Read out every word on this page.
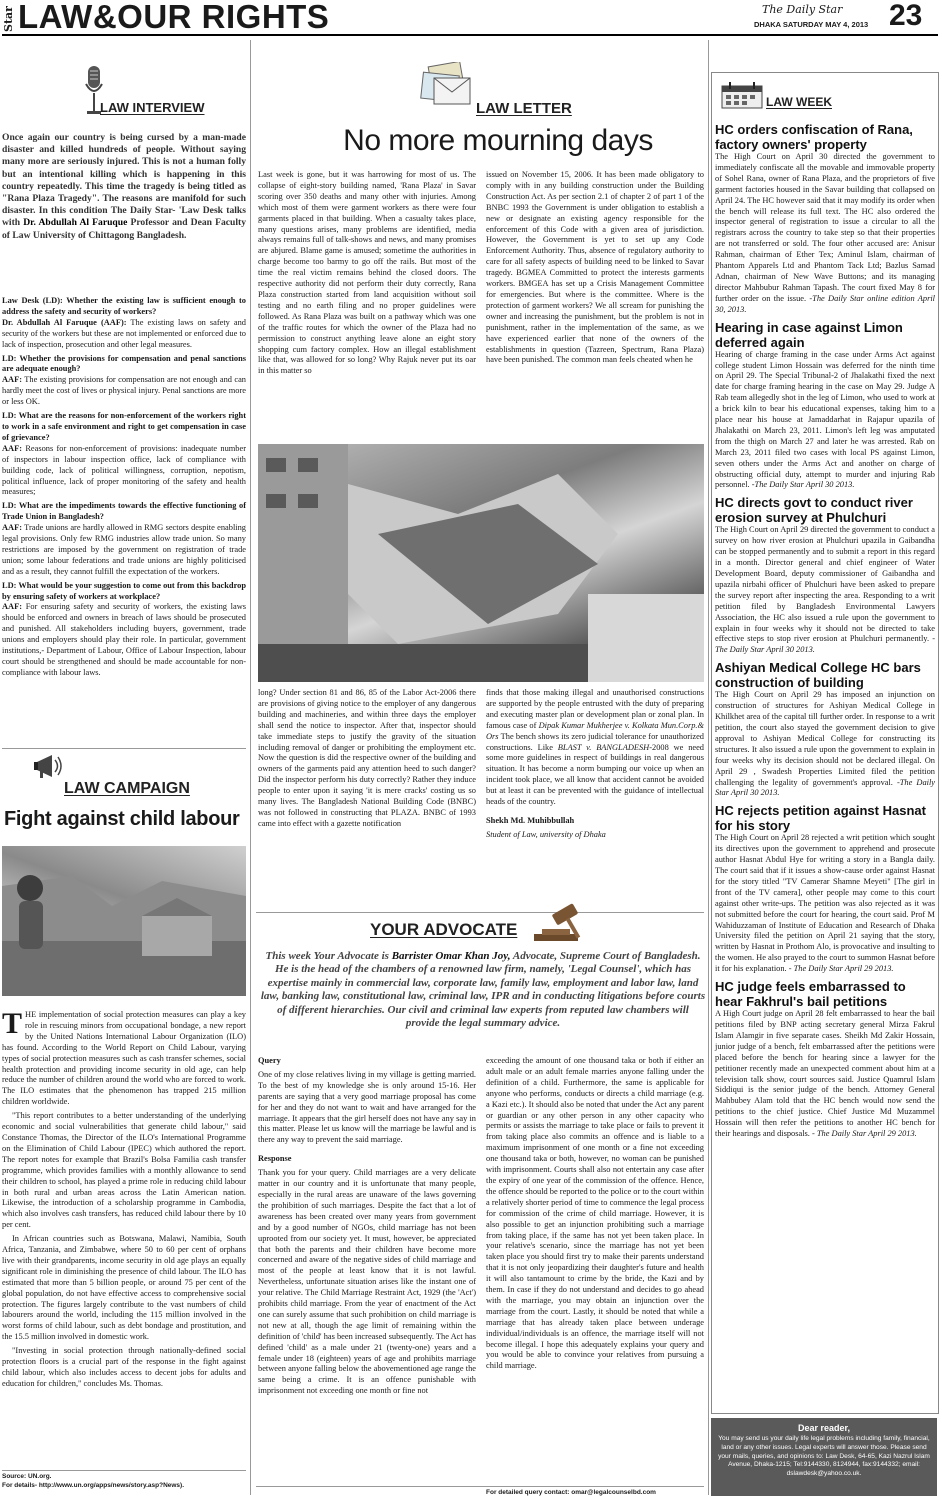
Star LAW&OUR RIGHTS	The Daily Star
DHAKA SATURDAY MAY 4, 2013 23
LAW INTERVIEW
Once again our country is being cursed by a man-made disaster and killed hundreds of people. Without saying many more are seriously injured. This is not a human folly but an intentional killing which is happening in this country repeatedly. This time the tragedy is being titled as "Rana Plaza Tragedy". The reasons are manifold for such disaster. In this condition The Daily Star- 'Law Desk talks with Dr. Abdullah Al Faruque Professor and Dean Faculty of Law University of Chittagong Bangladesh.

Law Desk (LD): Whether the existing law is sufficient enough to address the safety and security of workers?
Dr. Abdullah Al Faruque (AAF): The existing laws on safety and security of the workers but these are not implemented or enforced due to lack of inspection, prosecution and other legal measures.

LD: Whether the provisions for compensation and penal sanctions are adequate enough?
AAF: The existing provisions for compensation are not enough and can hardly meet the cost of lives or physical injury. Penal sanctions are more or less OK.

LD: What are the reasons for non-enforcement of the workers right to work in a safe environment and right to get compensation in case of grievance?
AAF: Reasons for non-enforcement of provisions: inadequate number of inspectors in labour inspection office, lack of compliance with building code, lack of political willingness, corruption, nepotism, political influence, lack of proper monitoring of the safety and health measures;

LD: What are the impediments towards the effective functioning of Trade Union in Bangladesh?
AAF: Trade unions are hardly allowed in RMG sectors despite enabling legal provisions. Only few RMG industries allow trade union. So many restrictions are imposed by the government on registration of trade union; some labour federations and trade unions are highly politicised and as a result, they cannot fulfill the expectation of the workers.

LD: What would be your suggestion to come out from this backdrop by ensuring safety of workers at workplace?
AAF: For ensuring safety and security of workers, the existing laws should be enforced and owners in breach of laws should be prosecuted and punished. All stakeholders including buyers, government, trade unions and employers should play their role. In particular, government institutions,- Department of Labour, Office of Labour Inspection, labour court should be strengthened and should be made accountable for non-compliance with labour laws.

LAW CAMPAIGN
Fight against child labour

THE implementation of social protection measures can play a key role in rescuing minors from occupational bondage, a new report by the United Nations International Labour Organization (ILO) has found. According to the World Report on Child Labour, varying types of social protection measures such as cash transfer schemes, social health protection and providing income security in old age, can help reduce the number of children around the world who are forced to work. The ILO estimates that the phenomenon has trapped 215 million children worldwide.

"This report contributes to a better understanding of the underlying economic and social vulnerabilities that generate child labour," said Constance Thomas, the Director of the ILO's International Programme on the Elimination of Child Labour (IPEC) which authored the report. The report notes for example that Brazil's Bolsa Familia cash transfer programme, which provides families with a monthly allowance to send their children to school, has played a prime role in reducing child labour in both rural and urban areas across the Latin American nation. Likewise, the introduction of a scholarship programme in Cambodia, which also involves cash transfers, has reduced child labour there by 10 per cent.

In African countries such as Botswana, Malawi, Namibia, South Africa, Tanzania, and Zimbabwe, where 50 to 60 per cent of orphans live with their grandparents, income security in old age plays an equally significant role in diminishing the presence of child labour. The ILO has estimated that more than 5 billion people, or around 75 per cent of the global population, do not have effective access to comprehensive social protection. The figures largely contribute to the vast numbers of child labourers around the world, including the 115 million involved in the worst forms of child labour, such as debt bondage and prostitution, and the 15.5 million involved in domestic work.

"Investing in social protection through nationally-defined social protection floors is a crucial part of the response in the fight against child labour, which also includes access to decent jobs for adults and education for children," concludes Ms. Thomas.

Source: UN.org.
For details- http://www.un.org/apps/news/story.asp?News).
LAW LETTER
No more mourning days
Last week is gone, but it was harrowing for most of us. The collapse of eight-story building named, 'Rana Plaza' in Savar scoring over 350 deaths and many other with injuries. Among which most of them were garment workers as there were four garments placed in that building. When a casualty takes place, many questions arises, many problems are identified, media always remains full of talk-shows and news, and many promises are abjured. Blame game is amused; sometime the authorities in charge become too barmy to go off the rails. But most of the time the real victim remains behind the closed doors. The respective authority did not perform their duty correctly, Rana Plaza construction started from land acquisition without soil testing and no earth filing and no proper guidelines were followed. As Rana Plaza was built on a pathway which was one of the traffic routes for which the owner of the Plaza had no permission to construct anything leave alone an eight story shopping cum factory complex. How an illegal establishment like that, was allowed for so long? Why Rajuk never put its oar in this matter so
issued on November 15, 2006. It has been made obligatory to comply with in any building construction under the Building Construction Act. As per section 2.1 of chapter 2 of part 1 of the BNBC 1993 the Government is under obligation to establish a new or designate an existing agency responsible for the enforcement of this Code with a given area of jurisdiction. However, the Government is yet to set up any Code Enforcement Authority. Thus, absence of regulatory authority to care for all safety aspects of building need to be linked to Savar tragedy. BGMEA Committed to protect the interests garments workers. BMGEA has set up a Crisis Management Committee for emergencies. But where is the committee. Where is the protection of garment workers? We all scream for punishing the owner and increasing the punishment, but the problem is not in punishment, rather in the implementation of the same, as we have experienced earlier that none of the owners of the establishments in question (Tazreen, Spectrum, Rana Plaza) have been punished. The common man feels cheated when he
long? Under section 81 and 86, 85 of the Labor Act-2006 there are provisions of giving notice to the employer of any dangerous building and machineries, and within three days the employer shall send the notice to inspector. After that, inspector should take immediate steps to justify the gravity of the situation including removal of danger or prohibiting the employment etc. Now the question is did the respective owner of the building and owners of the garments paid any attention heed to such danger? Did the inspector perform his duty correctly? Rather they induce people to enter upon it saying 'it is mere cracks' costing us so many lives. The Bangladesh National Building Code (BNBC) was not followed in constructing that PLAZA. BNBC of 1993 came into effect with a gazette notification

finds that those making illegal and unauthorised constructions are supported by the people entrusted with the duty of preparing and executing master plan or development plan or zonal plan. In famous case of Dipak Kumar Mukherjee v. Kolkata Mun.Corp.& Ors The bench shows its zero judicial tolerance for unauthorized constructions. Like BLAST v. BANGLADESH-2008 we need some more guidelines in respect of buildings in real dangerous situation. It has become a norm bumping our voice up when an incident took place, we all know that accident cannot be avoided but at least it can be prevented with the guidance of intellectual heads of the country.

Shekh Md. Muhibbullah

Student of Law, university of Dhaka

YOUR ADVOCATE
This week Your Advocate is Barrister Omar Khan Joy, Advocate, Supreme Court of Bangladesh. He is the head of the chambers of a renowned law firm, namely, 'Legal Counsel', which has expertise mainly in commercial law, corporate law, family law, employment and labor law, land law, banking law, constitutional law, criminal law, IPR and in conducting litigations before courts of different hierarchies. Our civil and criminal law experts from reputed law chambers will provide the legal summary advice.

Query

One of my close relatives living in my village is getting married. To the best of my knowledge she is only around 15-16. Her parents are saying that a very good marriage proposal has come for her and they do not want to wait and have arranged for the marriage. It appears that the girl herself does not have any say in this matter. Please let us know will the marriage be lawful and is there any way to prevent the said marriage.

Response

Thank you for your query. Child marriages are a very delicate matter in our country and it is unfortunate that many people, especially in the rural areas are unaware of the laws governing the prohibition of such marriages. Despite the fact that a lot of awareness has been created over many years from government and by a good number of NGOs, child marriage has not been uprooted from our society yet. It must, however, be appreciated that both the parents and their children have become more concerned and aware of the negative sides of child marriage and most of the people at least know that it is not lawful. Nevertheless, unfortunate situation arises like the instant one of your relative. The Child Marriage Restraint Act, 1929 (the 'Act') prohibits child marriage. From the year of enactment of the Act one can surely assume that such prohibition on child marriage is not new at all, though the age limit of remaining within the definition of 'child' has been increased subsequently. The Act has defined 'child' as a male under 21 (twenty-one) years and a female under 18 (eighteen) years of age and prohibits marriage between anyone falling below the abovementioned age range the same being a crime. It is an offence punishable with imprisonment not exceeding one month or fine not

exceeding the amount of one thousand taka or both if either an adult male or an adult female marries anyone falling under the definition of a child. Furthermore, the same is applicable for anyone who performs, conducts or directs a child marriage (e.g. a Kazi etc.). It should also be noted that under the Act any parent or guardian or any other person in any other capacity who permits or assists the marriage to take place or fails to prevent it from taking place also commits an offence and is liable to a maximum imprisonment of one month or a fine not exceeding one thousand taka or both, however, no woman can be punished with imprisonment. Courts shall also not entertain any case after the expiry of one year of the commission of the offence. Hence, the offence should be reported to the police or to the court within a relatively shorter period of time to commence the legal process for commission of the crime of child marriage. However, it is also possible to get an injunction prohibiting such a marriage from taking place, if the same has not yet been taken place. In your relative's scenario, since the marriage has not yet been taken place you should first try to make their parents understand that it is not only jeopardizing their daughter's future and health it will also tantamount to crime by the bride, the Kazi and by them. In case if they do not understand and decides to go ahead with the marriage, you may obtain an injunction over the marriage from the court. Lastly, it should be noted that while a marriage that has already taken place between underage individual/individuals is an offence, the marriage itself will not become illegal. I hope this adequately explains your query and you would be able to convince your relatives from pursuing a child marriage.
For detailed query contact: omar@legalcounselbd.com
LAW WEEK
HC orders confiscation of Rana, factory owners' property
The High Court on April 30 directed the government to immediately confiscate all the movable and immovable property of Sohel Rana, owner of Rana Plaza, and the proprietors of five garment factories housed in the Savar building that collapsed on April 24. The HC however said that it may modify its order when the bench will release its full text. The HC also ordered the inspector general of registration to issue a circular to all the registrars across the country to take step so that their properties are not transferred or sold. The four other accused are: Anisur Rahman, chairman of Ether Tex; Aminul Islam, chairman of Phantom Apparels Ltd and Phantom Tack Ltd; Bazlus Samad Adnan, chairman of New Wave Buttons; and its managing director Mahbubur Rahman Tapash. The court fixed May 8 for further order on the issue. -The Daily Star online edition April 30, 2013.
Hearing in case against Limon deferred again
Hearing of charge framing in the case under Arms Act against college student Limon Hossain was deferred for the ninth time on April 29. The Special Tribunal-2 of Jhalakathi fixed the next date for charge framing hearing in the case on May 29. Judge A Rab team allegedly shot in the leg of Limon, who used to work at a brick kiln to bear his educational expenses, taking him to a place near his house at Jamaddarhat in Rajapur upazila of Jhalakathi on March 23, 2011. Limon's left leg was amputated from the thigh on March 27 and later he was arrested. Rab on March 23, 2011 filed two cases with local PS against Limon, seven others under the Arms Act and another on charge of obstructing official duty, attempt to murder and injuring Rab personnel. -The Daily Star April 30 2013.
HC directs govt to conduct river erosion survey at Phulchuri
The High Court on April 29 directed the government to conduct a survey on how river erosion at Phulchuri upazila in Gaibandha can be stopped permanently and to submit a report in this regard in a month. Director general and chief engineer of Water Development Board, deputy commissioner of Gaibandha and upazila nirbahi officer of Phulchuri have been asked to prepare the survey report after inspecting the area. Responding to a writ petition filed by Bangladesh Environmental Lawyers Association, the HC also issued a rule upon the government to explain in four weeks why it should not be directed to take effective steps to stop river erosion at Phulchuri permanently. - The Daily Star April 30 2013.
Ashiyan Medical College HC bars construction of building
The High Court on April 29 has imposed an injunction on construction of structures for Ashiyan Medical College in Khilkhet area of the capital till further order. In response to a writ petition, the court also stayed the government decision to give approval to Ashiyan Medical College for constructing its structures. It also issued a rule upon the government to explain in four weeks why its decision should not be declared illegal. On April 29 , Swadesh Properties Limited filed the petition challenging the legality of government's approval. -The Daily Star April 30 2013.
HC rejects petition against Hasnat for his story
The High Court on April 28 rejected a writ petition which sought its directives upon the government to apprehend and prosecute author Hasnat Abdul Hye for writing a story in a Bangla daily. The court said that if it issues a show-cause order against Hasnat for the story titled "TV Camerar Shamne Meyeti" [The girl in front of the TV camera], other people may come to this court against other write-ups. The petition was also rejected as it was not submitted before the court for hearing, the court said. Prof M Wahiduzzaman of Institute of Education and Research of Dhaka University filed the petition on April 21 saying that the story, written by Hasnat in Prothom Alo, is provocative and insulting to the women. He also prayed to the court to summon Hasnat before it for his explanation. - The Daily Star April 29 2013.
HC judge feels embarrassed to hear Fakhrul's bail petitions
A High Court judge on April 28 felt embarrassed to hear the bail petitions filed by BNP acting secretary general Mirza Fakrul Islam Alamgir in five separate cases. Sheikh Md Zakir Hossain, junior judge of a bench, felt embarrassed after the petitions were placed before the bench for hearing since a lawyer for the petitioner recently made an unexpected comment about him at a television talk show, court sources said. Justice Quamrul Islam Siddiqui is the senior judge of the bench. Attorney General Mahbubey Alam told that the HC bench would now send the petitions to the chief justice. Chief Justice Md Muzammel Hossain will then refer the petitions to another HC bench for their hearings and disposals. - The Daily Star April 29 2013.
Dear reader,
You may send us your daily life legal problems including family, financial, land or any other issues. Legal experts will answer those. Please send your mails, queries, and opinions to: Law Desk, 64-65, Kazi Nazrul Islam Avenue, Dhaka-1215; Tel:9144330, 8124944, fax:9144332; email: dslawdesk@yahoo.co.uk.
